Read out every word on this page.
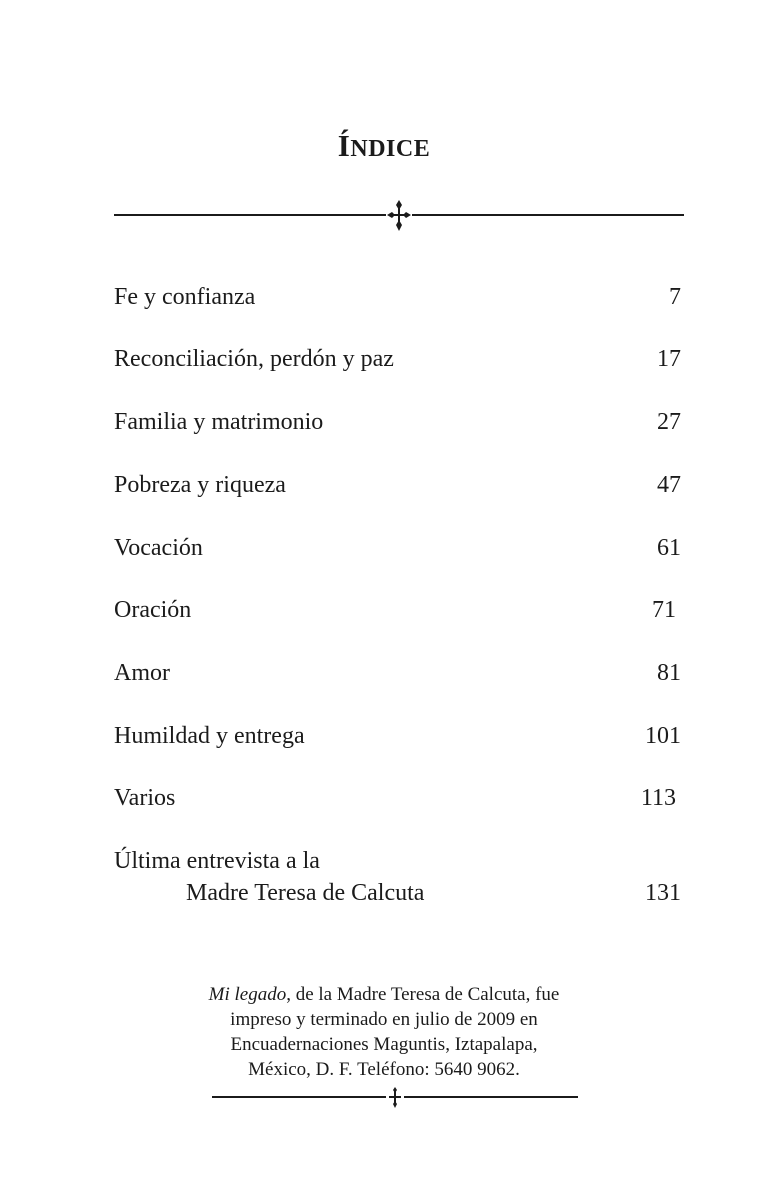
ÍNDICE
Fe y confianza	7
Reconciliación, perdón y paz	17
Familia y matrimonio	27
Pobreza y riqueza	47
Vocación	61
Oración	71
Amor	81
Humildad y entrega	101
Varios	113
Última entrevista a la
Madre Teresa de Calcuta	131
Mi legado, de la Madre Teresa de Calcuta, fue
impreso y terminado en julio de 2009 en
Encuadernaciones Maguntis, Iztapalapa,
México, D. F. Teléfono: 5640 9062.
